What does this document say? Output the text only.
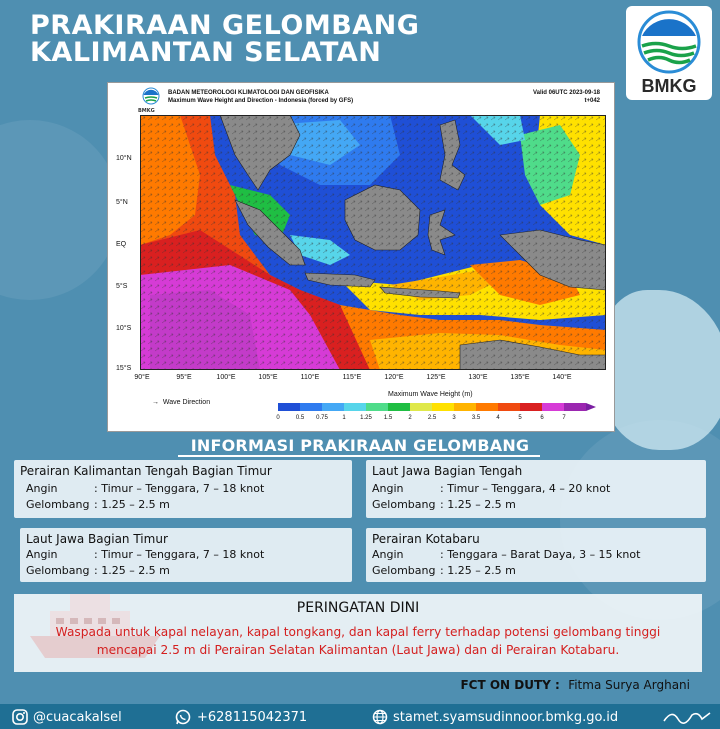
PRAKIRAAN GELOMBANG
KALIMANTAN SELATAN
BMKG
BMKG
BADAN METEOROLOGI KLIMATOLOGI DAN GEOFISIKA
Maximum Wave Height and Direction - Indonesia (forced by GFS)
Valid 06UTC 2023-09-18
t+042
10°N
5°N
EQ
5°S
10°S
15°S
90°E	95°E	100°E	105°E	110°E	115°E	120°E	125°E	130°E	135°E	140°E
→ Wave Direction
Maximum Wave Height (m)
0	0.5 0.75 1 1.25 1.5	2	2.5	3	3.5	4	5	6	7
INFORMASI PRAKIRAAN GELOMBANG
Perairan Kalimantan Tengah Bagian Timur
Angin	: Timur – Tenggara, 7 – 18 knot
Gelombang : 1.25 – 2.5 m
Laut Jawa Bagian Tengah
Angin	: Timur – Tenggara, 4 – 20 knot
Gelombang : 1.25 – 2.5 m
Laut Jawa Bagian Timur
Angin	: Timur – Tenggara, 7 – 18 knot
Gelombang : 1.25 – 2.5 m
Perairan Kotabaru
Angin	: Tenggara – Barat Daya, 3 – 15 knot
Gelombang : 1.25 – 2.5 m
PERINGATAN DINI
Waspada untuk kapal nelayan, kapal tongkang, dan kapal ferry terhadap potensi gelombang tinggi mencapai 2.5 m di Perairan Selatan Kalimantan (Laut Jawa) dan di Perairan Kotabaru.
FCT ON DUTY : Fitma Surya Arghani
@cuacakalsel	+628115042371	stamet.syamsudinnoor.bmkg.go.id
